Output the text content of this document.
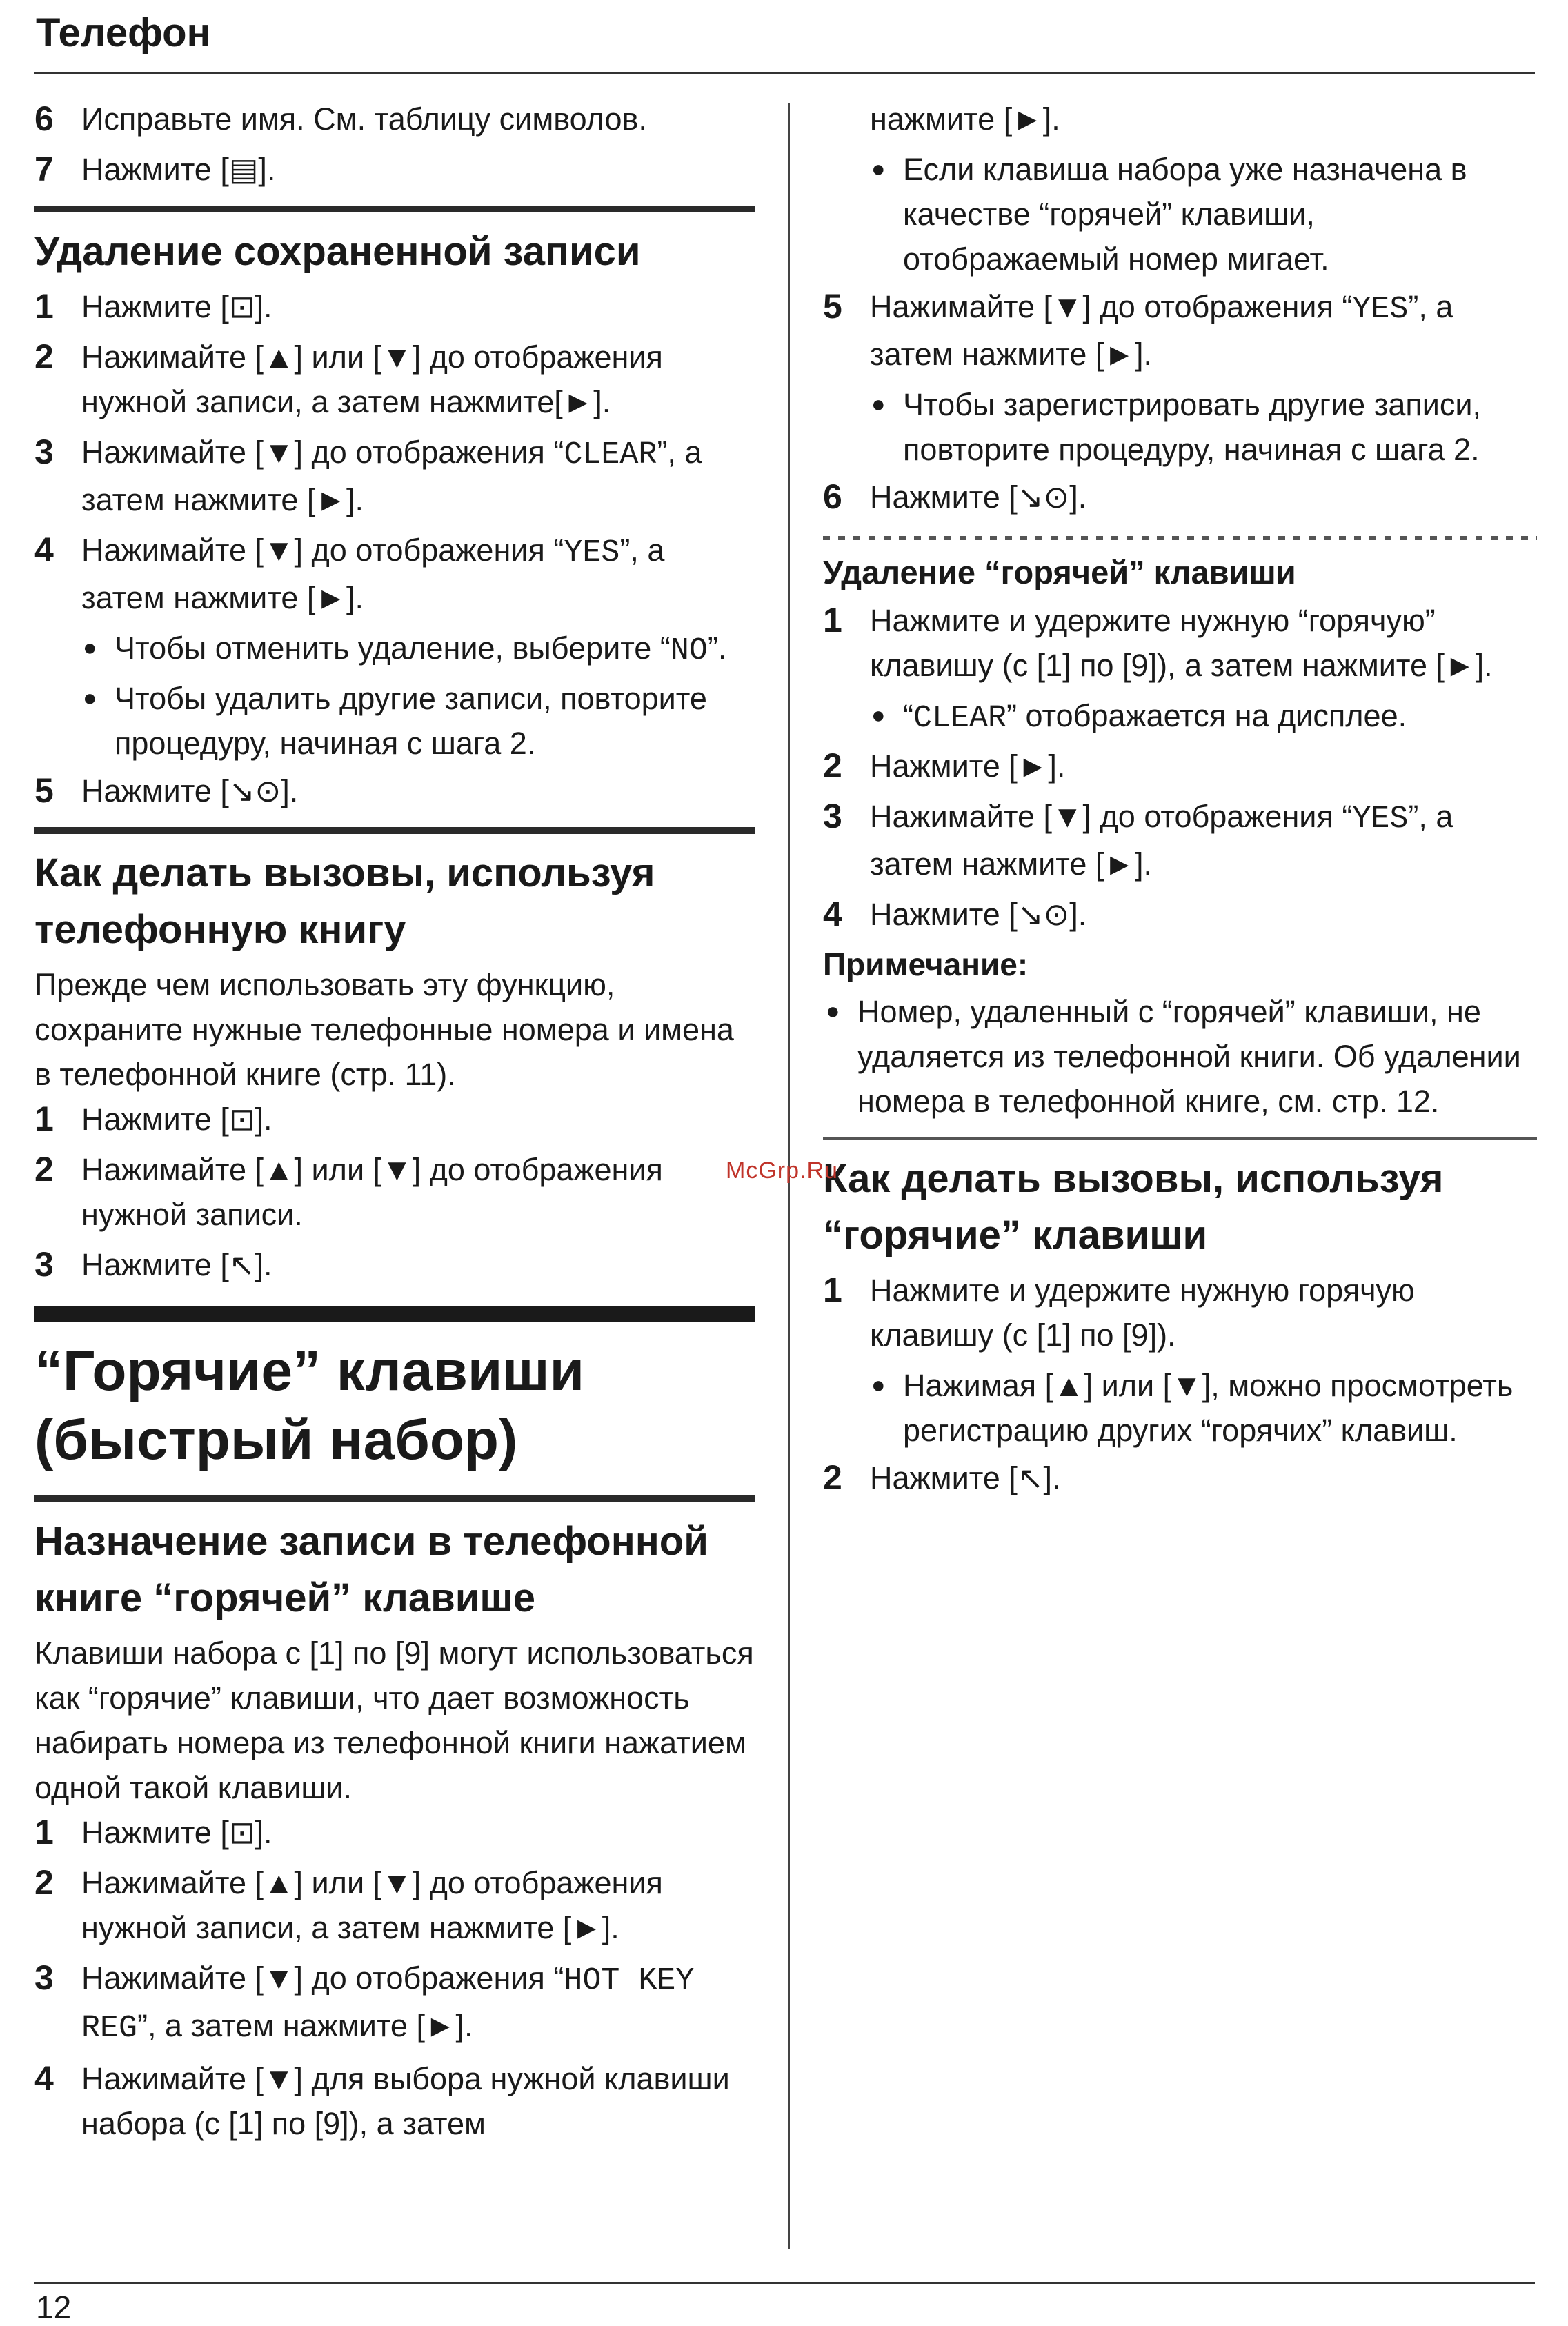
Телефон
6 Исправьте имя. См. таблицу символов.
7 Нажмите [▤].
Удаление сохраненной записи
1 Нажмите [⊡].
2 Нажимайте [▲] или [▼] до отображения нужной записи, а затем нажмите[►].
3 Нажимайте [▼] до отображения “CLEAR”, а затем нажмите [►].
4 Нажимайте [▼] до отображения “YES”, а затем нажмите [►].
● Чтобы отменить удаление, выберите “NO”.
● Чтобы удалить другие записи, повторите процедуру, начиная с шага 2.
5 Нажмите [↘⊙].
Как делать вызовы, используя телефонную книгу
Прежде чем использовать эту функцию, сохраните нужные телефонные номера и имена в телефонной книге (стр. 11).
1 Нажмите [⊡].
2 Нажимайте [▲] или [▼] до отображения нужной записи.
3 Нажмите [↖].
“Горячие” клавиши (быстрый набор)
Назначение записи в телефонной книге “горячей” клавише
Клавиши набора с [1] по [9] могут использоваться как “горячие” клавиши, что дает возможность набирать номера из телефонной книги нажатием одной такой клавиши.
1 Нажмите [⊡].
2 Нажимайте [▲] или [▼] до отображения нужной записи, а затем нажмите [►].
3 Нажимайте [▼] до отображения “HOT KEY REG”, а затем нажмите [►].
4 Нажимайте [▼] для выбора нужной клавиши набора (с [1] по [9]), а затем
нажмите [►].
● Если клавиша набора уже назначена в качестве “горячей” клавиши, отображаемый номер мигает.
5 Нажимайте [▼] до отображения “YES”, а затем нажмите [►].
● Чтобы зарегистрировать другие записи, повторите процедуру, начиная с шага 2.
6 Нажмите [↘⊙].
Удаление “горячей” клавиши
1 Нажмите и удержите нужную “горячую” клавишу (с [1] по [9]), а затем нажмите [►].
● “CLEAR” отображается на дисплее.
2 Нажмите [►].
3 Нажимайте [▼] до отображения “YES”, а затем нажмите [►].
4 Нажмите [↘⊙].
Примечание:
● Номер, удаленный с “горячей” клавиши, не удаляется из телефонной книги. Об удалении номера в телефонной книге, см. стр. 12.
Как делать вызовы, используя “горячие” клавиши
1 Нажмите и удержите нужную горячую клавишу (с [1] по [9]).
● Нажимая [▲] или [▼], можно просмотреть регистрацию других “горячих” клавиш.
2 Нажмите [↖].
McGrp.Ru
12
